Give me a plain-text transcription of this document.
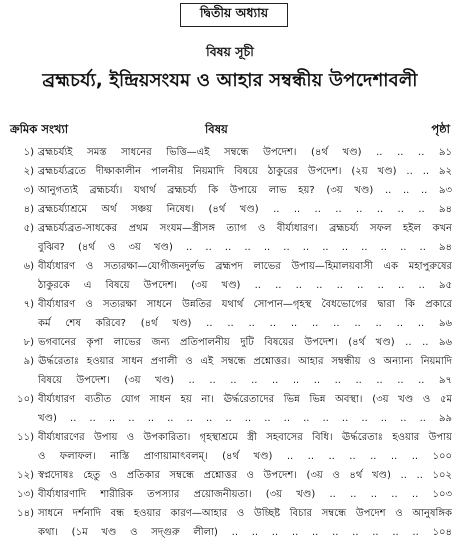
দ্বিতীয় অধ্যায়
বিষয় সূচী
ব্রহ্মচর্য্য, ইন্দ্রিয়সংযম ও আহার সম্বন্ধীয় উপদেশাবলী
ক্রমিক সংখ্যা	বিষয়	পৃষ্ঠা
১) ব্রহ্মচর্য্যই সমস্ত সাধনের ভিত্তি—এই সম্বন্ধে উপদেশ। (৪র্থ খণ্ড) .. .. .. ৯১
২) ব্রহ্মচর্য্যব্রতে দীক্ষাকালীন পালনীয় নিয়মাদি বিষয়ে ঠাকুরের উপদেশ। (২য় খণ্ড) .. .. ৯২
৩) আনুগত্যই ব্রহ্মচর্য্য। যথার্থ ব্রহ্মচর্য্য কি উপায়ে লাভ হয়? (৩য় খণ্ড) .. .. .. ৯৩
৪) ব্রহ্মচর্য্যাশ্রমে অর্থ সঞ্চয় নিষেধ। (৪র্থ খণ্ড) .. .. .. .. .. .. .. .. ৯৪
৫) ব্রহ্মচর্য্যব্রত-সাধকের প্রথম সংযম—স্ত্রীসঙ্গ ত্যাগ ও বীর্য্যধারণ। ব্রহ্মচর্য্য সফল হইল কখন
বুঝিব? (৪র্থ ও ৩য় খণ্ড) .. .. .. .. .. .. .. .. .. .. .. .. .. ৯৪
৬) বীর্য্যধারণ ও সত্যরক্ষা—যোগীজনদুর্লভ ব্রহ্মপদ লাভের উপায়—হিমালয়বাসী এক মহাপুরুষের
ঠাকুরকে এ বিষয়ে উপদেশ। (৩য় খণ্ড) .. .. .. .. .. .. .. .. .. ৯৫
৭) বীর্য্যধারণ ও সত্যরক্ষা সাধনে উন্নতির যথার্থ সোপান—গৃহস্থ বৈধভোগের দ্বারা কি প্রকারে
কর্ম শেষ করিবে? (৪র্থ খণ্ড) .. .. .. .. .. .. .. .. .. .. .. ৯৬
৮) ভগবানের কৃপা লাভের জন্য প্রতিপালনীয় দুটি বিষয়ের উপদেশ। (৪র্থ খণ্ড) .. .. ৯৬
৯) ঊর্দ্ধরেতাঃ হওয়ার সাধন প্রণালী ও এই সম্বন্ধে প্রশ্নোত্তর। আহার সম্বন্ধীয় ও অন্যান্য নিয়মাদি
বিষয়ে উপদেশ। (৩য় খণ্ড) .. .. .. .. .. .. .. .. .. .. .. .. ৯৭
১০) বীর্য্যধারণ ব্যতীত যোগ সাধন হয় না। ঊর্দ্ধরেতাদের ভিন্ন ভিন্ন অবস্থা। (৩য় খণ্ড ও ৫ম
খণ্ড) .. .. .. .. .. .. .. .. .. .. .. .. .. .. .. .. .. .. .. ৯৯
১১) বীর্য্যধারণের উপায় ও উপকারিতা। গৃহস্থাশ্রমে স্ত্রী সহবাসের বিধি। ঊর্দ্ধরেতাঃ হওয়ার উপায়
ও ফলাফল। নাস্তি প্রাণায়ামাৎবলম্। (৪র্থ খণ্ড) .. .. .. .. .. .. .. ১০০
১২) স্বপ্নদোষঃ হেতু ও প্রতিকার সম্বন্ধে প্রশ্নোত্তর ও উপদেশ। (৩য় ও ৪র্থ খণ্ড) .. .. ১০২
১৩) বীর্য্যধারণাদি শারীরিক তপস্যার প্রয়োজনীয়তা। (৩য় খণ্ড) .. .. .. .. .. ১০৩
১৪) সাধনে দর্শনাদি বন্ধ হওয়ার কারণ—আহার ও উচ্ছিষ্ট বিচার সম্বন্ধে উপদেশ ও আনুষঙ্গিক
কথা। (১ম খণ্ড ও সদ্গুরু লীলা) .. .. .. .. .. .. .. .. .. .. ১০৪
